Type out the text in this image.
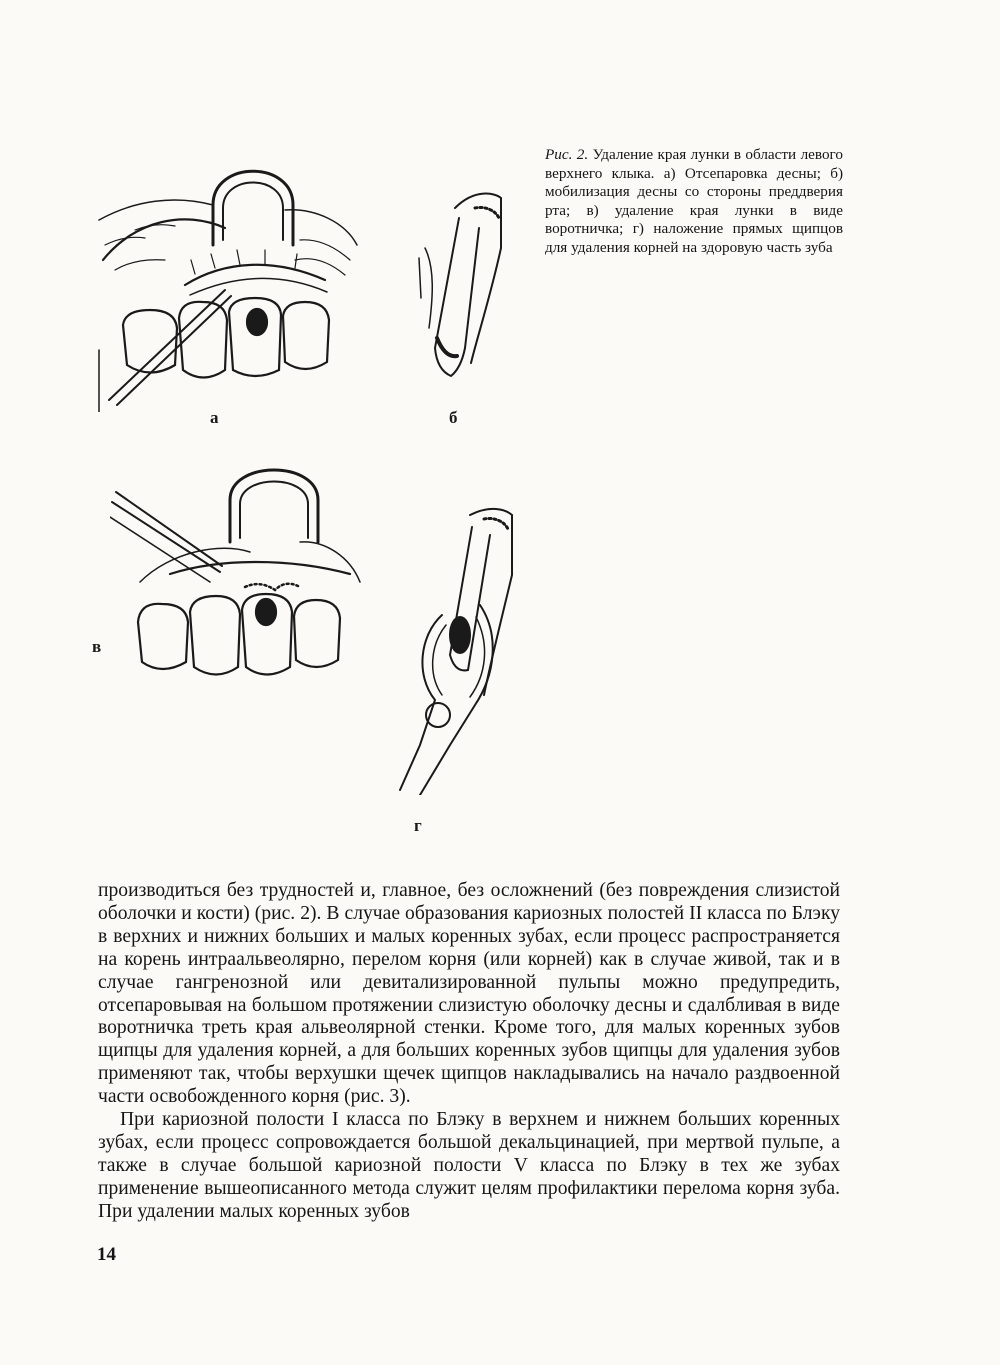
а	б
в
г
Рис. 2. Удаление края лунки в области левого верхнего клыка. а) Отсепаровка десны; б) мобилизация десны со стороны преддверия рта; в) удаление края лунки в виде воротничка; г) наложение прямых щипцов для удаления корней на здоровую часть зуба

производиться без трудностей и, главное, без осложнений (без повреждения слизистой оболочки и кости) (рис. 2). В случае образования кариозных полостей II класса по Блэку в верхних и нижних больших и малых коренных зубах, если процесс распространяется на корень интраальвеолярно, перелом корня (или корней) как в случае живой, так и в случае гангренозной или девитализированной пульпы можно предупредить, отсепаровывая на большом протяжении слизистую оболочку десны и сдалбливая в виде воротничка треть края альвеолярной стенки. Кроме того, для малых коренных зубов щипцы для удаления корней, а для больших коренных зубов щипцы для удаления зубов применяют так, чтобы верхушки щечек щипцов накладывались на начало раздвоенной части освобожденного корня (рис. 3).

При кариозной полости I класса по Блэку в верхнем и нижнем больших коренных зубах, если процесс сопровождается большой декальцинацией, при мертвой пульпе, а также в случае большой кариозной полости V класса по Блэку в тех же зубах применение вышеописанного метода служит целям профилактики перелома корня зуба. При удалении малых коренных зубов

14
